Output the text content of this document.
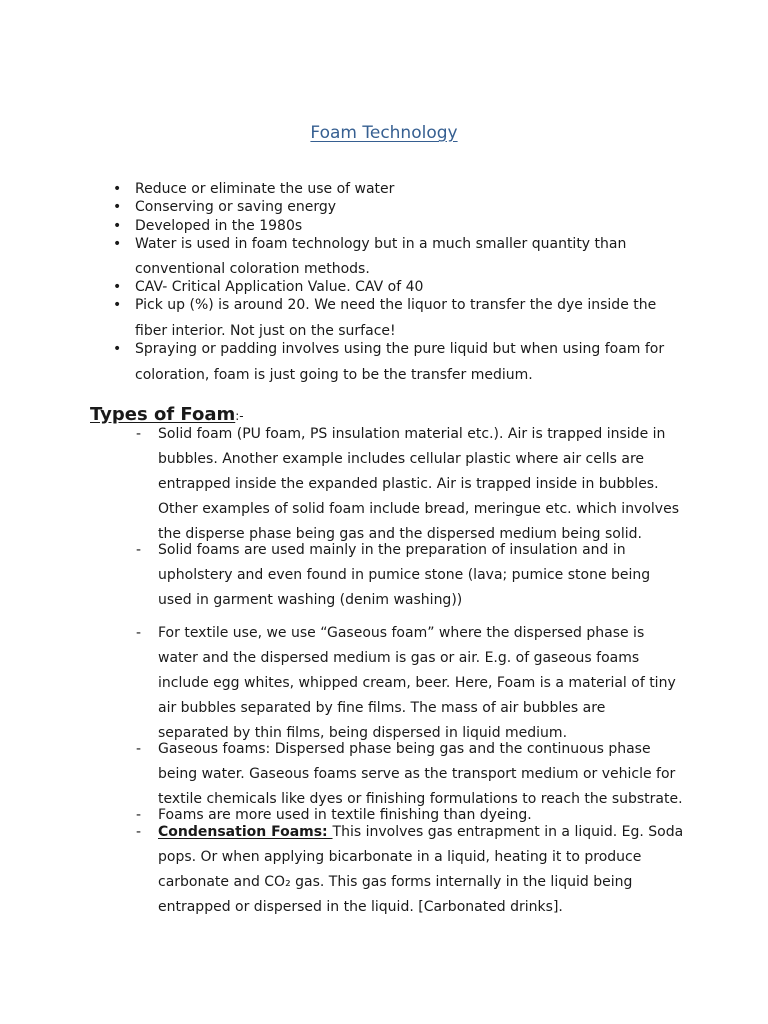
Foam Technology
• Reduce or eliminate the use of water
• Conserving or saving energy
• Developed in the 1980s
• Water is used in foam technology but in a much smaller quantity than
conventional coloration methods.
• CAV- Critical Application Value. CAV of 40
• Pick up (%) is around 20. We need the liquor to transfer the dye inside the
fiber interior. Not just on the surface!
• Spraying or padding involves using the pure liquid but when using foam for
coloration, foam is just going to be the transfer medium.
Types of Foam:-
- Solid foam (PU foam, PS insulation material etc.). Air is trapped inside in
bubbles. Another example includes cellular plastic where air cells are
entrapped inside the expanded plastic. Air is trapped inside in bubbles.
Other examples of solid foam include bread, meringue etc. which involves
the disperse phase being gas and the dispersed medium being solid.
- Solid foams are used mainly in the preparation of insulation and in
upholstery and even found in pumice stone (lava; pumice stone being
used in garment washing (denim washing))
- For textile use, we use “Gaseous foam” where the dispersed phase is
water and the dispersed medium is gas or air. E.g. of gaseous foams
include egg whites, whipped cream, beer. Here, Foam is a material of tiny
air bubbles separated by fine films. The mass of air bubbles are
separated by thin films, being dispersed in liquid medium.
- Gaseous foams: Dispersed phase being gas and the continuous phase
being water. Gaseous foams serve as the transport medium or vehicle for
textile chemicals like dyes or finishing formulations to reach the substrate.
- Foams are more used in textile finishing than dyeing.
- Condensation Foams: This involves gas entrapment in a liquid. Eg. Soda
pops. Or when applying bicarbonate in a liquid, heating it to produce
carbonate and CO₂ gas. This gas forms internally in the liquid being
entrapped or dispersed in the liquid. [Carbonated drinks].
